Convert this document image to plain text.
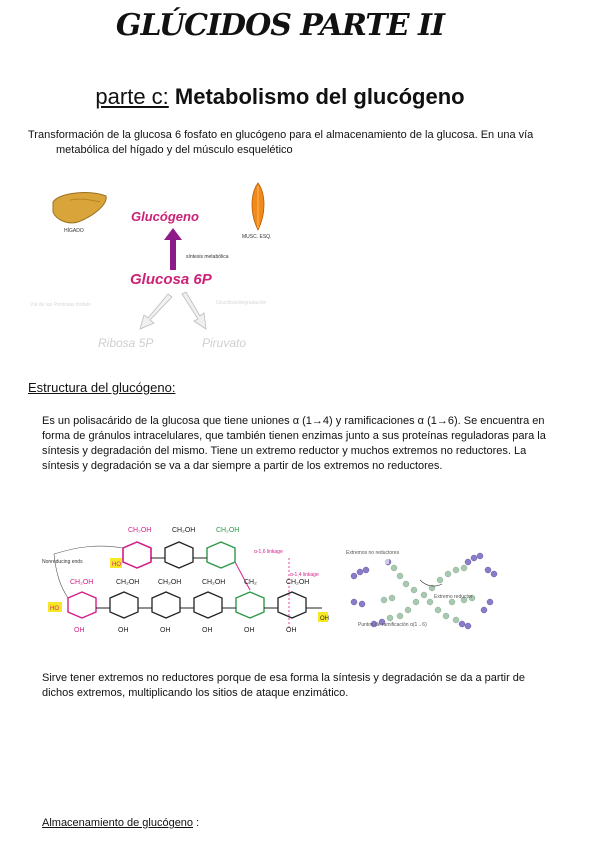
GLÚCIDOS PARTE II
parte c: Metabolismo del glucógeno
Transformación de la glucosa 6 fosfato en glucógeno para el almacenamiento de la glucosa. En una vía
metabólica del hígado y del músculo esquelético
HÍGADO
MUSC. ESQ.
Glucógeno
síntesis metabólica
Glucosa 6P
Vía de las Pentosas fosfato	Glucólisis/degradación
Ribosa 5P	Piruvato
Estructura del glucógeno:
Es un polisacárido de la glucosa que tiene uniones α (1→4) y ramificaciones α (1→6). Se encuentra en forma de gránulos intracelulares, que también tienen enzimas junto a sus proteínas reguladoras para la síntesis y degradación del mismo. Tiene un extremo reductor y muchos extremos no reductores. La síntesis y degradación se va a dar siempre a partir de los extremos no reductores.
Nonreducing ends
α-1,6 linkage
α-1,4 linkage
CH₂OH	CH₂OH	CH₂OH
CH₂OH	CH₂OH	CH₂OH	CH₂OH	CH₂	CH₂OH
OH	OH	OH	OH	OH	OH
HO
HO
OH
Extremos no reductores
Puntos de ramificación α(1→6)
Extremo reductor
Sirve tener extremos no reductores porque de esa forma la síntesis y degradación se da a partir de dichos extremos, multiplicando los sitios de ataque enzimático.
Almacenamiento de glucógeno :
